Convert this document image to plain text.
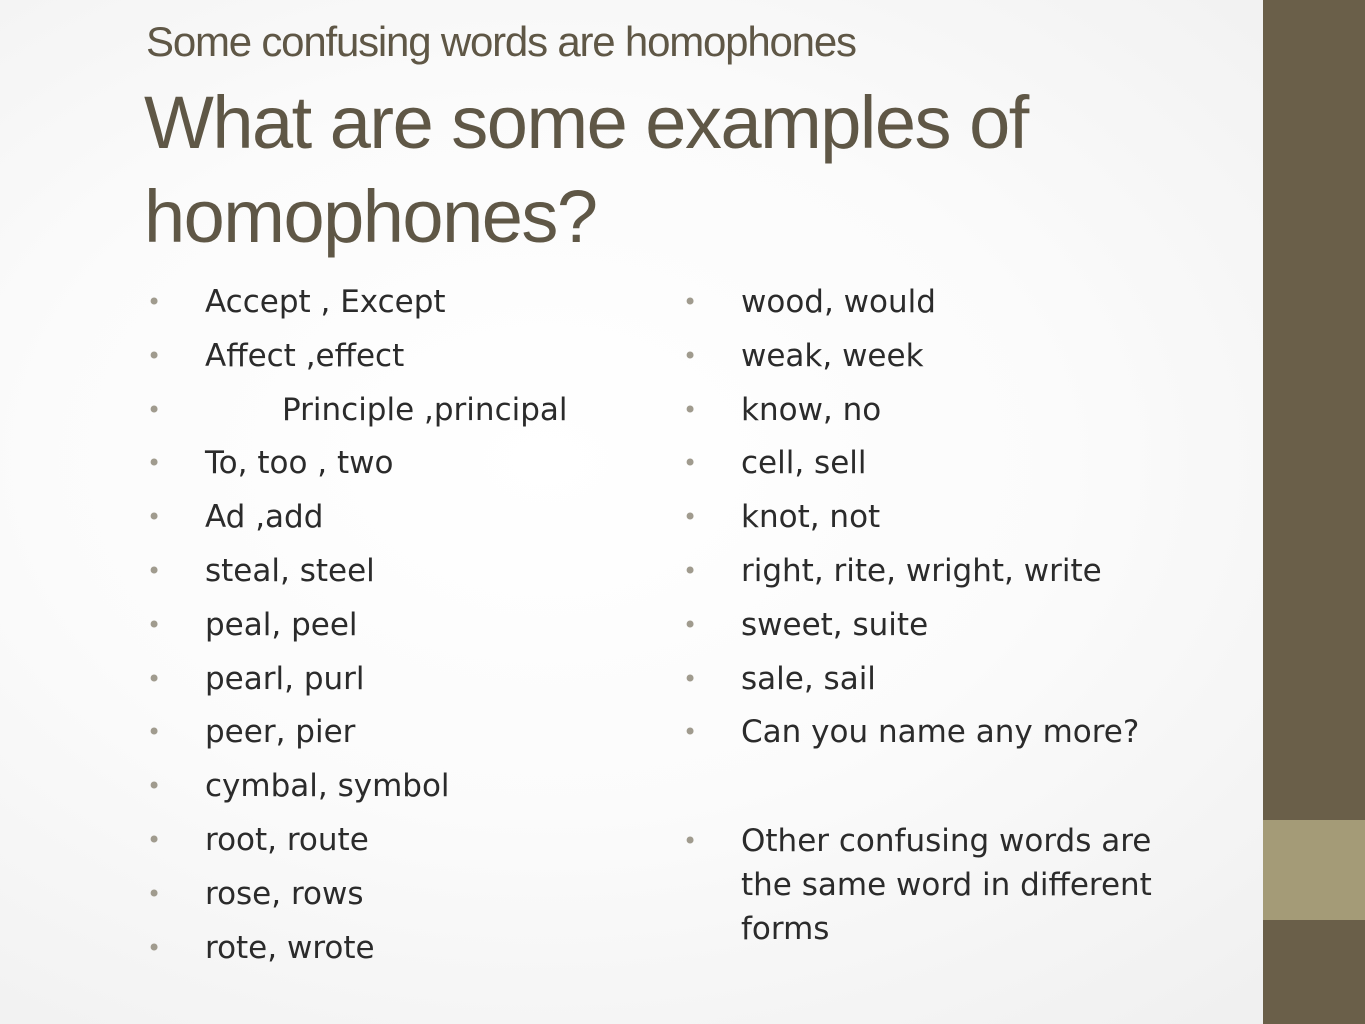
Some confusing words are homophones
What are some examples of homophones?
• Accept , Except
• Affect ,effect
•	Principle ,principal
• To, too , two
• Ad ,add
• steal, steel
• peal, peel
• pearl, purl
• peer, pier
• cymbal, symbol
• root, route
• rose, rows
• rote, wrote
• wood, would
• weak, week
• know, no
• cell, sell
• knot, not
• right, rite, wright, write
• sweet, suite
• sale, sail
• Can you name any more?
• Other confusing words are the same word in different forms
